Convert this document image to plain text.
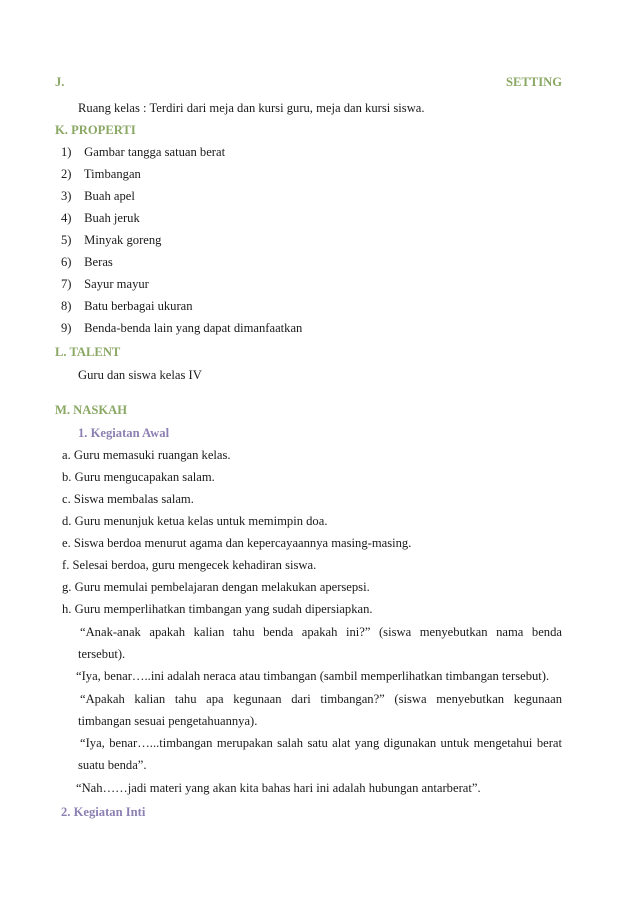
J.	SETTING
Ruang kelas : Terdiri dari meja dan kursi guru, meja dan kursi siswa.
K. PROPERTI
1) Gambar tangga satuan berat
2) Timbangan
3) Buah apel
4) Buah jeruk
5) Minyak goreng
6) Beras
7) Sayur mayur
8) Batu berbagai ukuran
9) Benda-benda lain yang dapat dimanfaatkan
L. TALENT
Guru dan siswa kelas IV
M. NASKAH
1. Kegiatan Awal
a. Guru memasuki ruangan kelas.
b. Guru mengucapakan salam.
c. Siswa membalas salam.
d. Guru menunjuk ketua kelas untuk memimpin doa.
e. Siswa berdoa menurut agama dan kepercayaannya masing-masing.
f. Selesai berdoa, guru mengecek kehadiran siswa.
g. Guru memulai pembelajaran dengan melakukan apersepsi.
h. Guru memperlihatkan timbangan yang sudah dipersiapkan.
“Anak-anak apakah kalian tahu benda apakah ini?” (siswa menyebutkan nama benda
tersebut).
“Iya, benar…..ini adalah neraca atau timbangan (sambil memperlihatkan timbangan tersebut).
“Apakah kalian tahu apa kegunaan dari timbangan?” (siswa menyebutkan kegunaan
timbangan sesuai pengetahuannya).
“Iya, benar…...timbangan merupakan salah satu alat yang digunakan untuk mengetahui berat
suatu benda”.
“Nah……jadi materi yang akan kita bahas hari ini adalah hubungan antarberat”.
2. Kegiatan Inti
